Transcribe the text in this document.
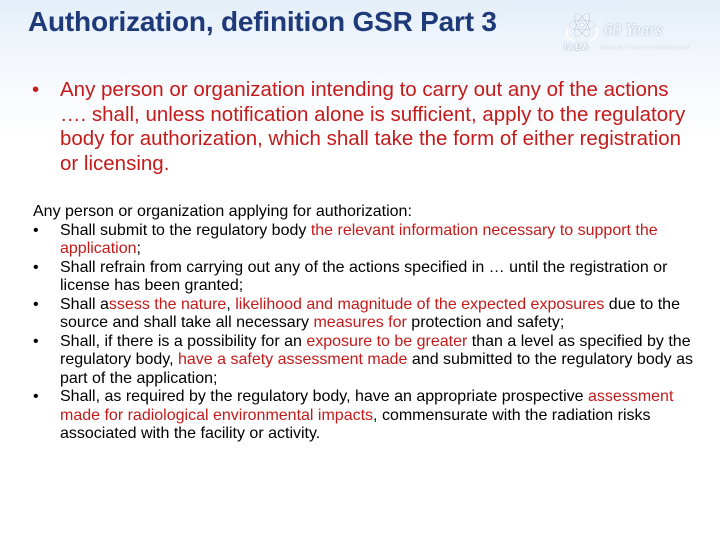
Authorization, definition GSR Part 3	60 Years
IAEA Atoms for Peace and Development
• Any person or organization intending to carry out any of the actions …. shall, unless notification alone is sufficient, apply to the regulatory body for authorization, which shall take the form of either registration or licensing.

Any person or organization applying for authorization:

• Shall submit to the regulatory body the relevant information necessary to support the application;
• Shall refrain from carrying out any of the actions specified in … until the registration or license has been granted;
• Shall assess the nature, likelihood and magnitude of the expected exposures due to the source and shall take all necessary measures for protection and safety;
• Shall, if there is a possibility for an exposure to be greater than a level as specified by the regulatory body, have a safety assessment made and submitted to the regulatory body as part of the application;
• Shall, as required by the regulatory body, have an appropriate prospective assessment made for radiological environmental impacts, commensurate with the radiation risks associated with the facility or activity.
